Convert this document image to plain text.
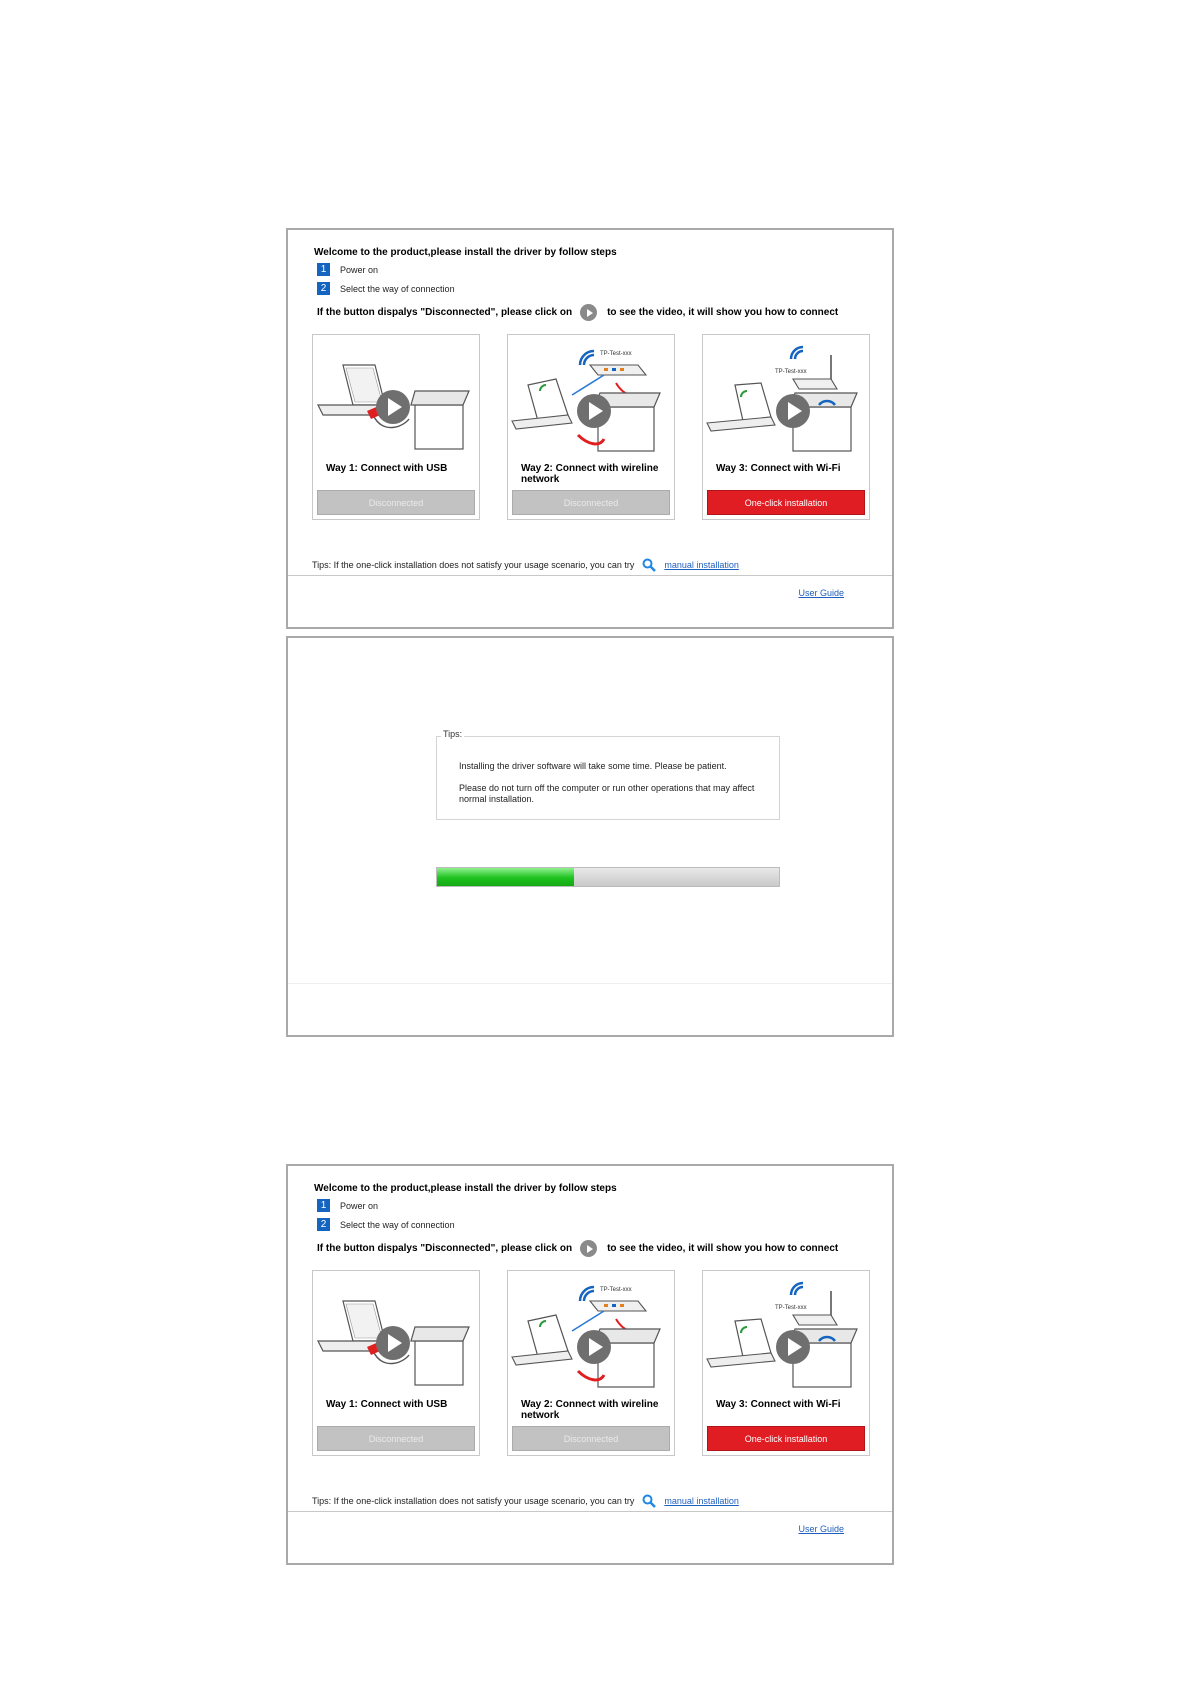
Welcome to the product,please install the driver by follow steps
1	Power on
2	Select the way of connection
If the button dispalys "Disconnected", please click on	to see the video, it will show you how to connect
Way 1: Connect with USB
Disconnected
TP-Test-xxx
Way 2: Connect with wireline network
Disconnected
TP-Test-xxx
Way 3: Connect with Wi-Fi
One-click installation
Tips: If the one-click installation does not satisfy your usage scenario, you can try	manual installation
User Guide
Tips:
Installing the driver software will take some time. Please be patient.
Please do not turn off the computer or run other operations that may affect normal installation.
Welcome to the product,please install the driver by follow steps
1	Power on
2	Select the way of connection
If the button dispalys "Disconnected", please click on	to see the video, it will show you how to connect
Way 1: Connect with USB
Disconnected
TP-Test-xxx
Way 2: Connect with wireline network
Disconnected
TP-Test-xxx
Way 3: Connect with Wi-Fi
One-click installation
Tips: If the one-click installation does not satisfy your usage scenario, you can try	manual installation
User Guide
